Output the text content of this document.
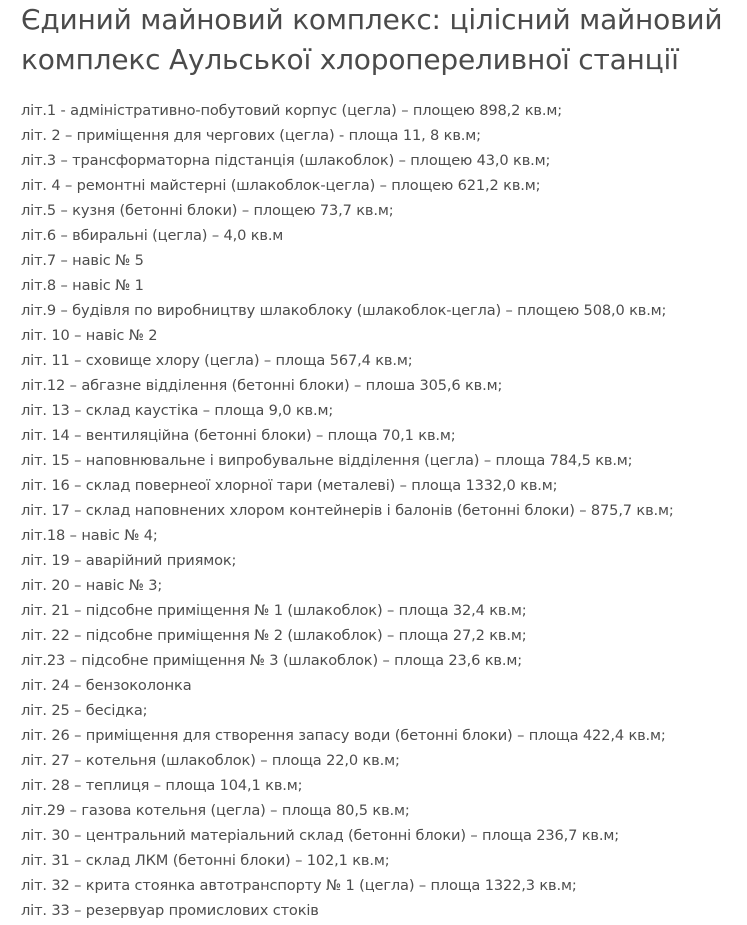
Єдиний майновий комплекс: цілісний майновий
комплекс Аульської хлоропереливної станції
літ.1 - адміністративно-побутовий корпус (цегла) – площею 898,2 кв.м;
літ. 2 – приміщення для чергових (цегла) - площа 11, 8 кв.м;
літ.3 – трансформаторна підстанція (шлакоблок) – площею 43,0 кв.м;
літ. 4 – ремонтні майстерні (шлакоблок-цегла) – площею 621,2 кв.м;
літ.5 – кузня (бетонні блоки) – площею 73,7 кв.м;
літ.6 – вбиральні (цегла) – 4,0 кв.м
літ.7 – навіс № 5
літ.8 – навіс № 1
літ.9 – будівля по виробництву шлакоблоку (шлакоблок-цегла) – площею 508,0 кв.м;
літ. 10 – навіс № 2
літ. 11 – сховище хлору (цегла) – площа 567,4 кв.м;
літ.12 – абгазне відділення (бетонні блоки) – плоша 305,6 кв.м;
літ. 13 – склад каустіка – площа 9,0 кв.м;
літ. 14 – вентиляційна (бетонні блоки) – площа 70,1 кв.м;
літ. 15 – наповнювальне і випробувальне відділення (цегла) – площа 784,5 кв.м;
літ. 16 – склад повернеої хлорної тари (металеві) – площа 1332,0 кв.м;
літ. 17 – склад наповнених хлором контейнерів і балонів (бетонні блоки) – 875,7 кв.м;
літ.18 – навіс № 4;
літ. 19 – аварійний приямок;
літ. 20 – навіс № 3;
літ. 21 – підсобне приміщення № 1 (шлакоблок) – площа 32,4 кв.м;
літ. 22 – підсобне приміщення № 2 (шлакоблок) – площа 27,2 кв.м;
літ.23 – підсобне приміщення № 3 (шлакоблок) – площа 23,6 кв.м;
літ. 24 – бензоколонка
літ. 25 – бесідка;
літ. 26 – приміщення для створення запасу води (бетонні блоки) – площа 422,4 кв.м;
літ. 27 – котельня (шлакоблок) – площа 22,0 кв.м;
літ. 28 – теплиця – площа 104,1 кв.м;
літ.29 – газова котельня (цегла) – площа 80,5 кв.м;
літ. 30 – центральний матеріальний склад (бетонні блоки) – площа 236,7 кв.м;
літ. 31 – склад ЛКМ (бетонні блоки) – 102,1 кв.м;
літ. 32 – крита стоянка автотранспорту № 1 (цегла) – площа 1322,3 кв.м;
літ. 33 – резервуар промислових стоків
